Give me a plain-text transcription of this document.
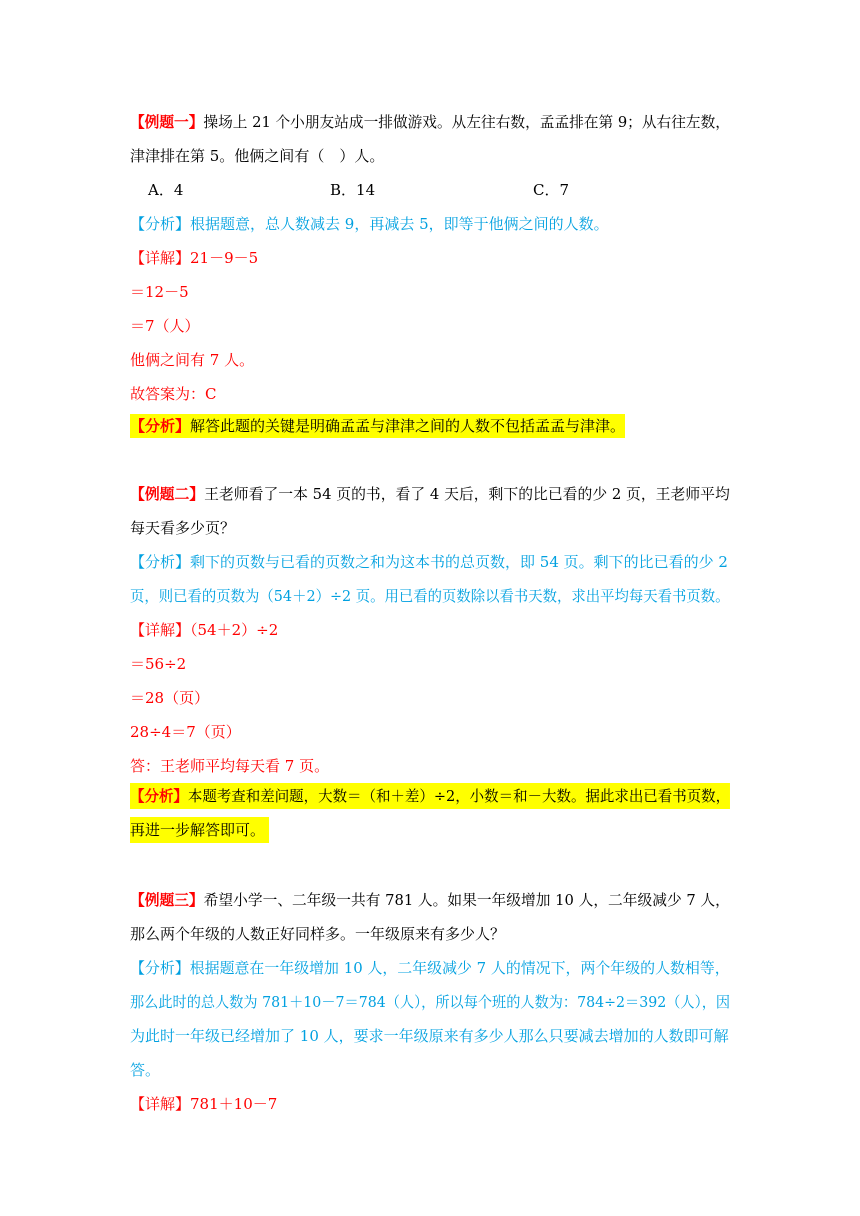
【例题一】操场上 21 个小朋友站成一排做游戏。从左往右数，孟孟排在第 9；从右往左数，
津津排在第 5。他俩之间有（　）人。
A．4	B．14	C．7
【分析】根据题意，总人数减去 9，再减去 5，即等于他俩之间的人数。
【详解】21－9－5
＝12－5
＝7（人）
他俩之间有 7 人。
故答案为：C
【分析】解答此题的关键是明确孟孟与津津之间的人数不包括孟孟与津津。
【例题二】王老师看了一本 54 页的书，看了 4 天后，剩下的比已看的少 2 页，王老师平均
每天看多少页？
【分析】剩下的页数与已看的页数之和为这本书的总页数，即 54 页。剩下的比已看的少 2
页，则已看的页数为（54＋2）÷2 页。用已看的页数除以看书天数，求出平均每天看书页数。
【详解】（54＋2）÷2
＝56÷2
＝28（页）
28÷4＝7（页）
答：王老师平均每天看 7 页。
【分析】本题考查和差问题，大数＝（和＋差）÷2，小数＝和－大数。据此求出已看书页数，
再进一步解答即可。
【例题三】希望小学一、二年级一共有 781 人。如果一年级增加 10 人，二年级减少 7 人，
那么两个年级的人数正好同样多。一年级原来有多少人？
【分析】根据题意在一年级增加 10 人，二年级减少 7 人的情况下，两个年级的人数相等，
那么此时的总人数为 781＋10－7＝784（人），所以每个班的人数为：784÷2＝392（人），因
为此时一年级已经增加了 10 人，要求一年级原来有多少人那么只要减去增加的人数即可解
答。
【详解】781＋10－7
